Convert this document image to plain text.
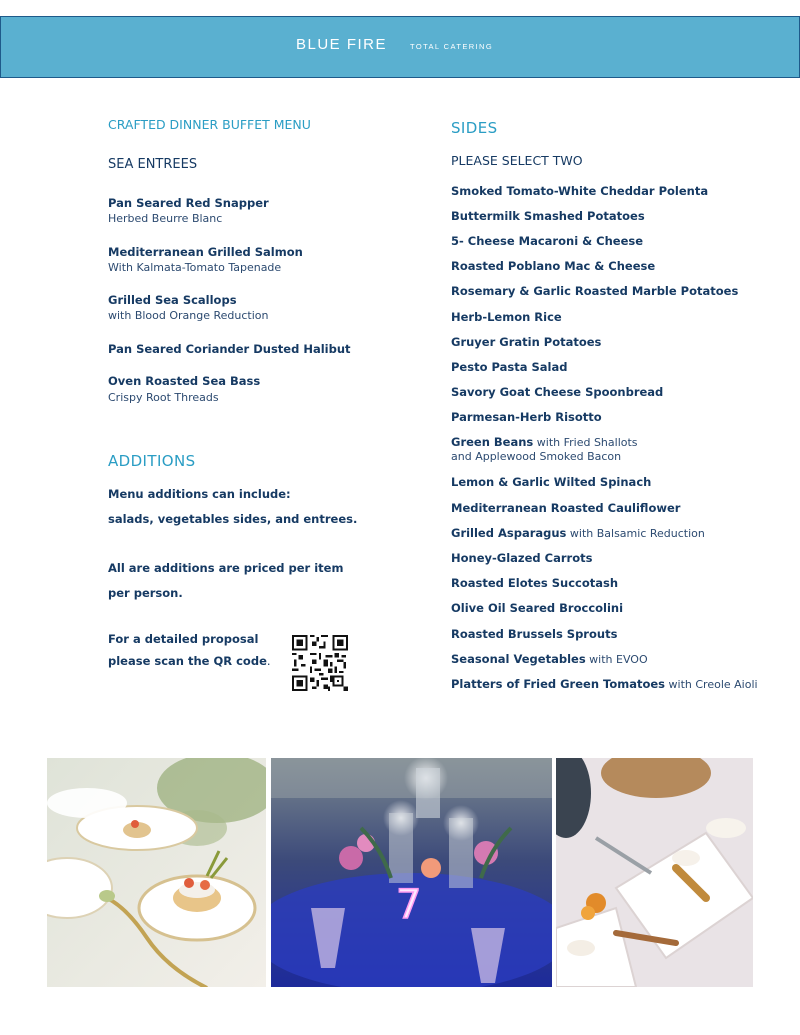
BLUE FIRE	TOTAL CATERING
CRAFTED DINNER BUFFET MENU
SEA ENTREES
Pan Seared Red Snapper
Herbed Beurre Blanc
Mediterranean Grilled Salmon
With Kalmata-Tomato Tapenade
Grilled Sea Scallops
with Blood Orange Reduction
Pan Seared Coriander Dusted Halibut
Oven Roasted Sea Bass
Crispy Root Threads
ADDITIONS
Menu additions can include:
salads, vegetables sides, and entrees.
All are additions are priced per item
per person.
For a detailed proposal
please scan the QR code.
SIDES
PLEASE SELECT TWO
Smoked Tomato-White Cheddar Polenta
Buttermilk Smashed Potatoes
5- Cheese Macaroni & Cheese
Roasted Poblano Mac & Cheese
Rosemary & Garlic Roasted Marble Potatoes
Herb-Lemon Rice
Gruyer Gratin Potatoes
Pesto Pasta Salad
Savory Goat Cheese Spoonbread
Parmesan-Herb Risotto
Green Beans with Fried Shallots
and Applewood Smoked Bacon
Lemon & Garlic Wilted Spinach
Mediterranean Roasted Cauliflower
Grilled Asparagus with Balsamic Reduction
Honey-Glazed Carrots
Roasted Elotes Succotash
Olive Oil Seared Broccolini
Roasted Brussels Sprouts
Seasonal Vegetables with EVOO
Platters of Fried Green Tomatoes with Creole Aioli
7
